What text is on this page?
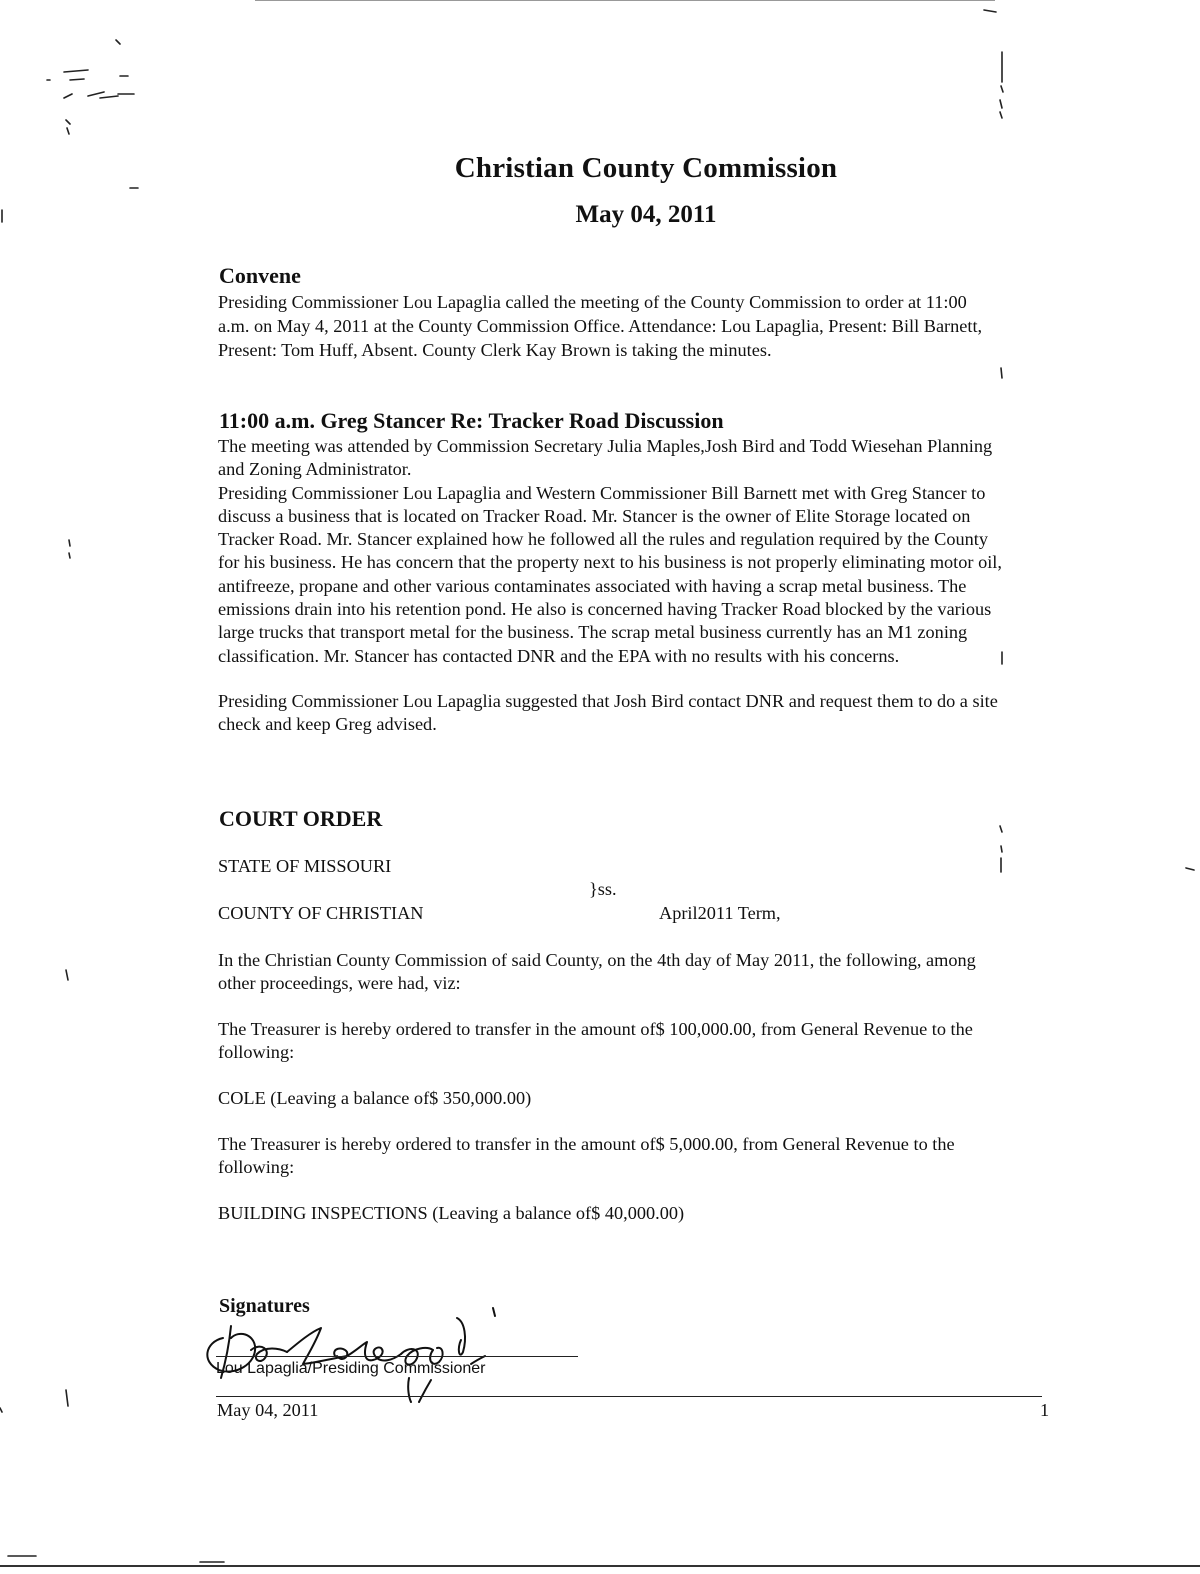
Christian County Commission
May 04, 2011
Convene
Presiding Commissioner Lou Lapaglia called the meeting of the County Commission to order at 11:00
a.m. on May 4, 2011 at the County Commission Office. Attendance: Lou Lapaglia, Present: Bill Barnett,
Present: Tom Huff, Absent. County Clerk Kay Brown is taking the minutes.
11:00 a.m. Greg Stancer Re: Tracker Road Discussion
The meeting was attended by Commission Secretary Julia Maples,Josh Bird and Todd Wiesehan Planning
and Zoning Administrator.
Presiding Commissioner Lou Lapaglia and Western Commissioner Bill Barnett met with Greg Stancer to
discuss a business that is located on Tracker Road. Mr. Stancer is the owner of Elite Storage located on
Tracker Road. Mr. Stancer explained how he followed all the rules and regulation required by the County
for his business. He has concern that the property next to his business is not properly eliminating motor oil,
antifreeze, propane and other various contaminates associated with having a scrap metal business. The
emissions drain into his retention pond. He also is concerned having Tracker Road blocked by the various
large trucks that transport metal for the business. The scrap metal business currently has an M1 zoning
classification. Mr. Stancer has contacted DNR and the EPA with no results with his concerns.
Presiding Commissioner Lou Lapaglia suggested that Josh Bird contact DNR and request them to do a site
check and keep Greg advised.
COURT ORDER
STATE OF MISSOURI
}ss.
COUNTY OF CHRISTIAN	April2011 Term,
In the Christian County Commission of said County, on the 4th day of May 2011, the following, among
other proceedings, were had, viz:
The Treasurer is hereby ordered to transfer in the amount of$ 100,000.00, from General Revenue to the
following:
COLE (Leaving a balance of$ 350,000.00)
The Treasurer is hereby ordered to transfer in the amount of$ 5,000.00, from General Revenue to the
following:
BUILDING INSPECTIONS (Leaving a balance of$ 40,000.00)
Signatures
Lou Lapaglia/Presiding Commissioner
May 04, 2011	1
